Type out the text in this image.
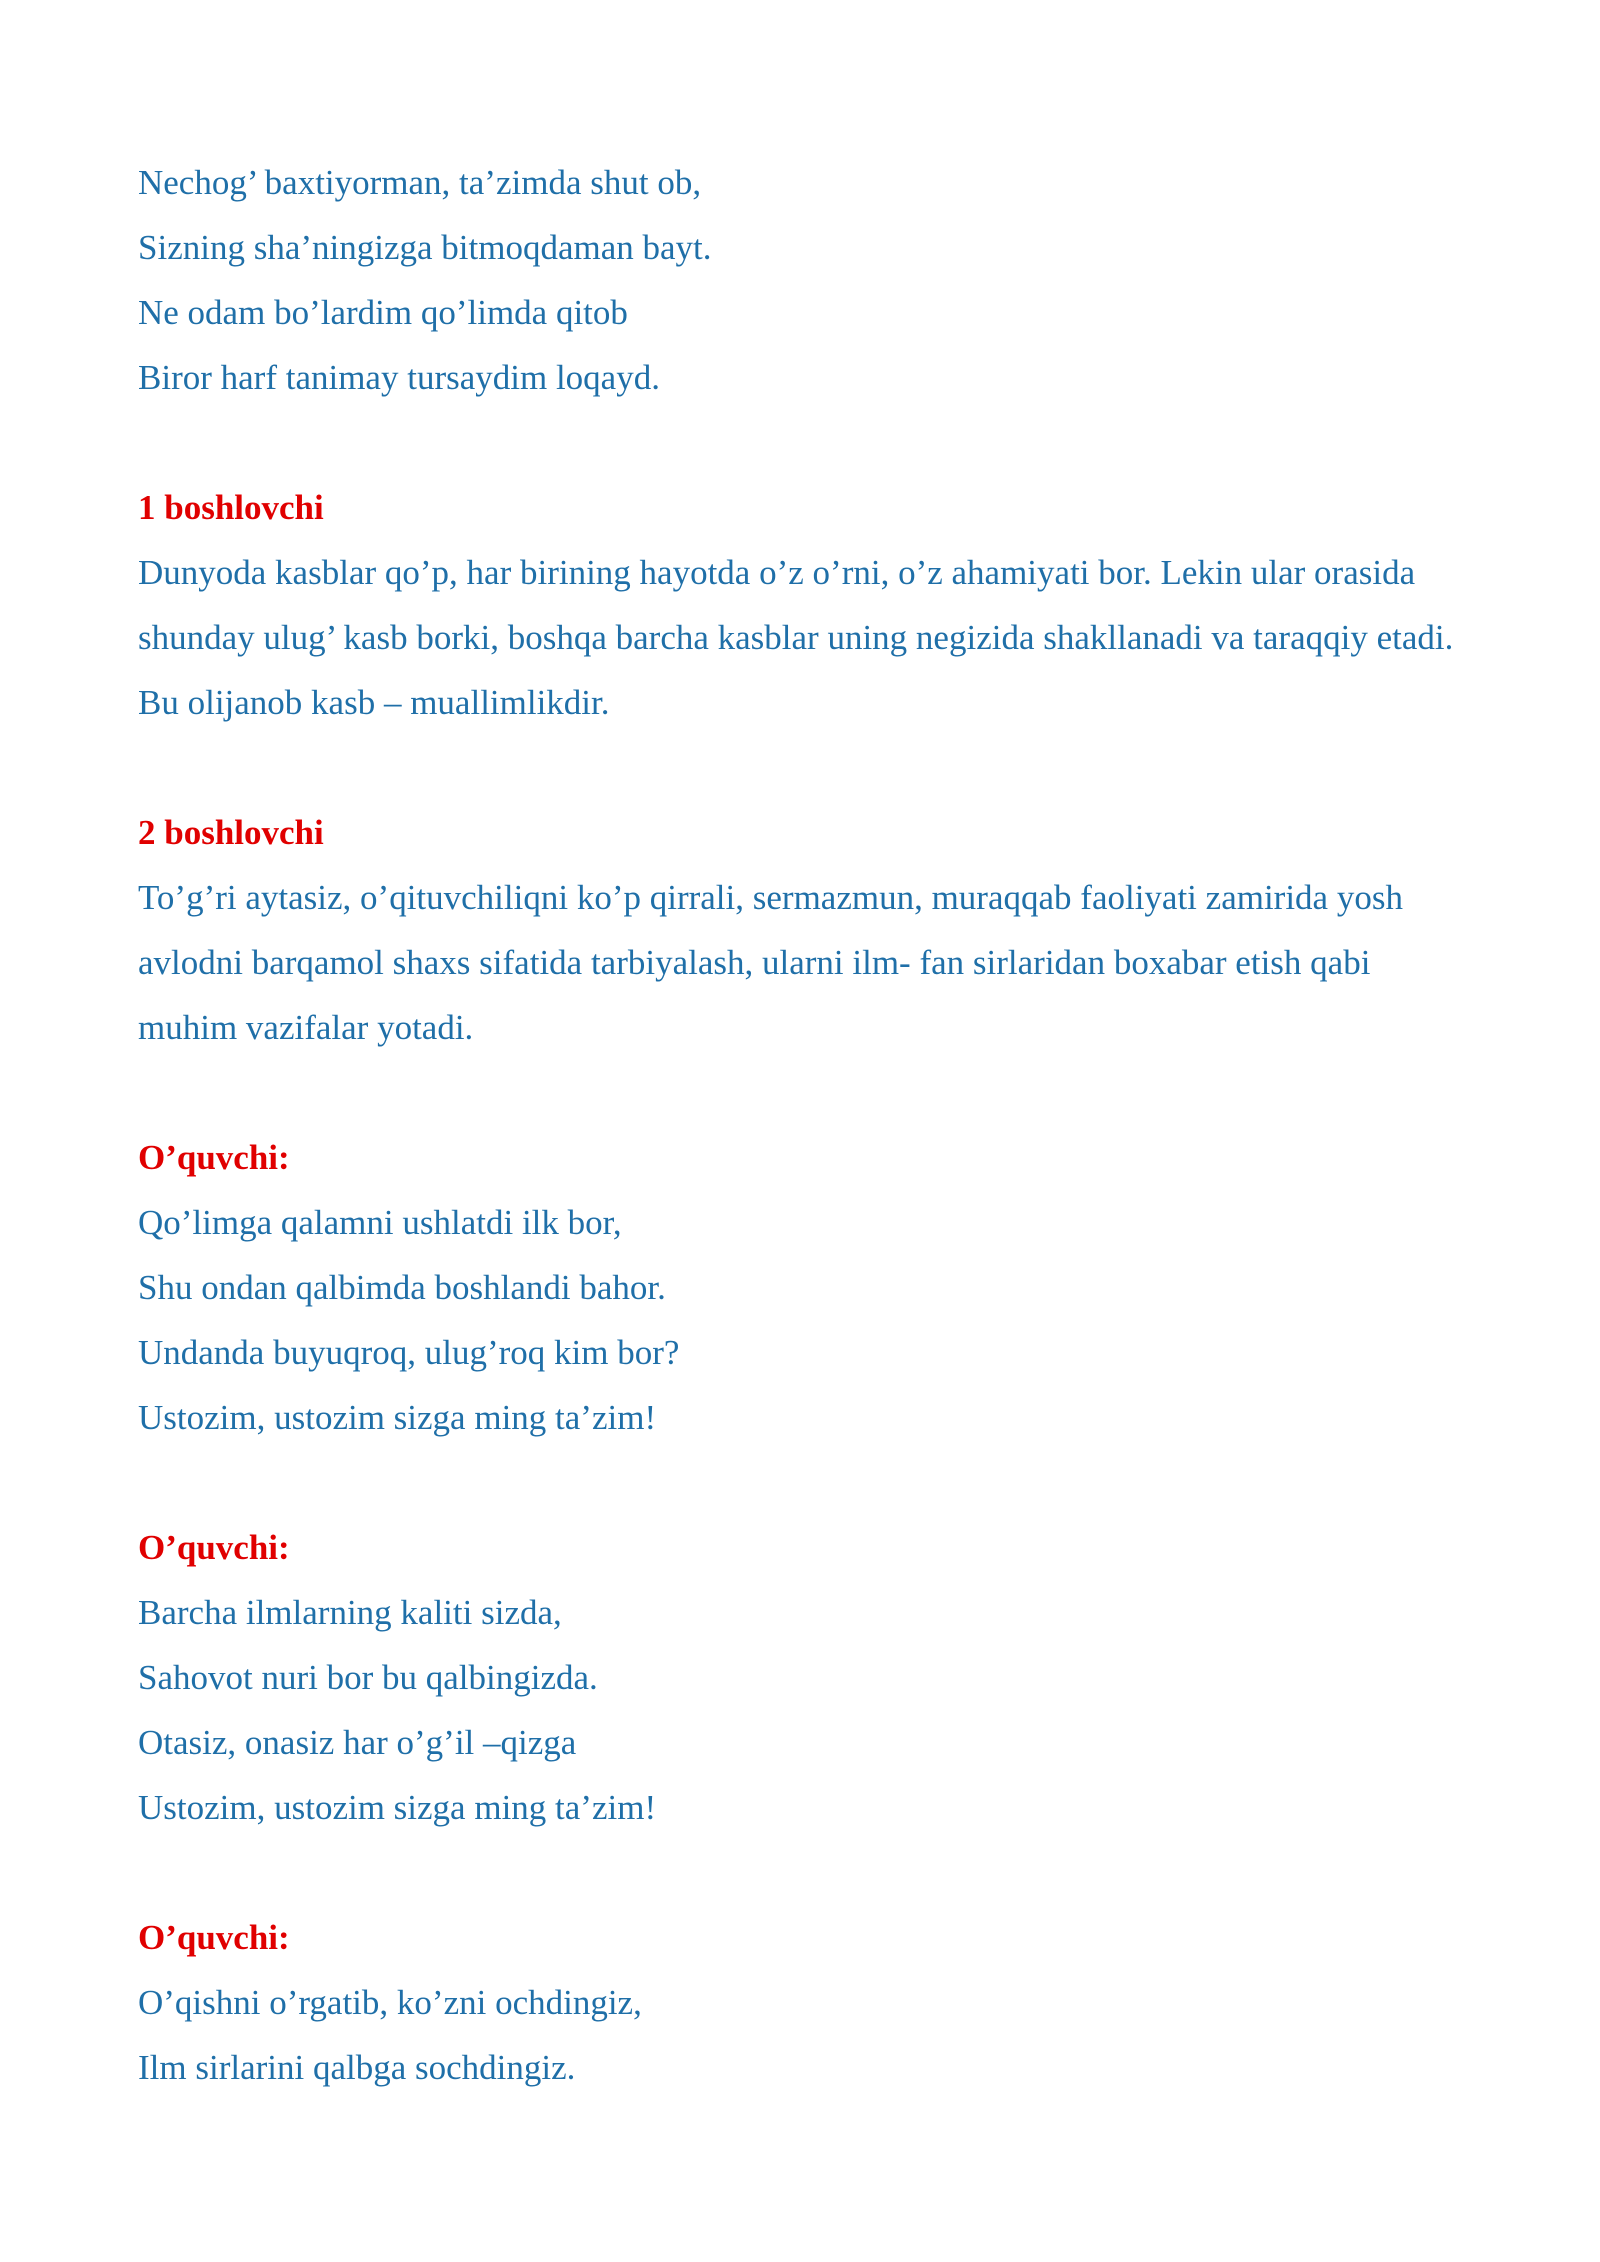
Nechog’ baxtiyorman, ta’zimda shut ob,
Sizning sha’ningizga bitmoqdaman bayt.
Ne odam bo’lardim qo’limda qitob
Biror harf tanimay tursaydim loqayd.
1 boshlovchi
Dunyoda kasblar qo’p, har birining hayotda o’z o’rni, o’z ahamiyati bor. Lekin ular orasida shunday ulug’ kasb borki, boshqa barcha kasblar uning negizida shakllanadi va taraqqiy etadi. Bu olijanob kasb – muallimlikdir.
2 boshlovchi
To’g’ri aytasiz, o’qituvchiliqni ko’p qirrali, sermazmun, muraqqab faoliyati zamirida yosh avlodni barqamol shaxs sifatida tarbiyalash, ularni ilm- fan sirlaridan boxabar etish qabi muhim vazifalar yotadi.
O’quvchi:
Qo’limga qalamni ushlatdi ilk bor,
Shu ondan qalbimda boshlandi bahor.
Undanda buyuqroq, ulug’roq kim bor?
Ustozim, ustozim sizga ming ta’zim!
O’quvchi:
Barcha ilmlarning kaliti sizda,
Sahovot nuri bor bu qalbingizda.
Otasiz, onasiz har o’g’il –qizga
Ustozim, ustozim sizga ming ta’zim!
O’quvchi:
O’qishni o’rgatib, ko’zni ochdingiz,
Ilm sirlarini qalbga sochdingiz.
